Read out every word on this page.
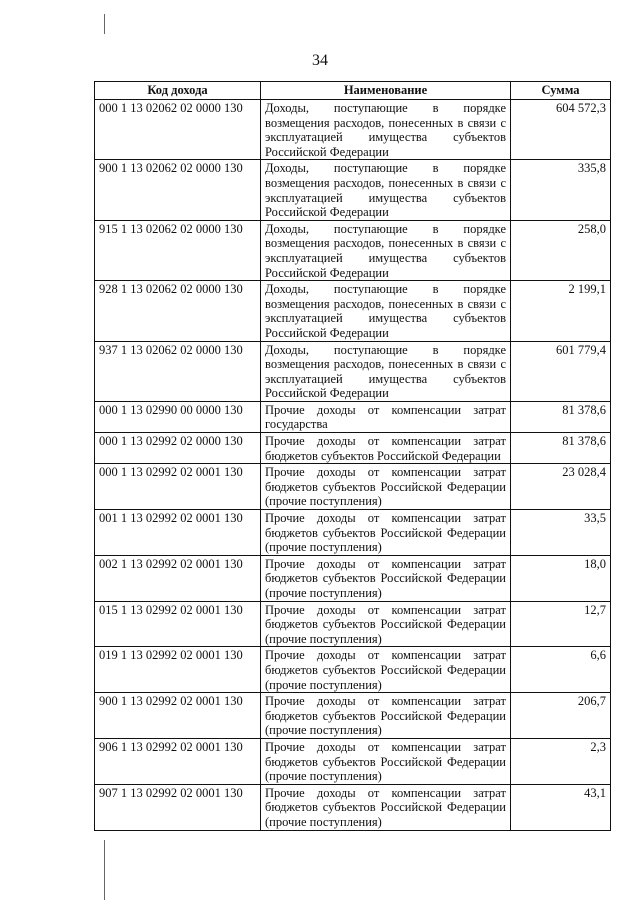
34
Код дохода	Наименование	Сумма
000 1 13 02062 02 0000 130	Доходы, поступающие в порядке возмещения расходов, понесенных в связи с эксплуатацией имущества субъектов Российской Федерации	604 572,3
900 1 13 02062 02 0000 130	Доходы, поступающие в порядке возмещения расходов, понесенных в связи с эксплуатацией имущества субъектов Российской Федерации	335,8
915 1 13 02062 02 0000 130	Доходы, поступающие в порядке возмещения расходов, понесенных в связи с эксплуатацией имущества субъектов Российской Федерации	258,0
928 1 13 02062 02 0000 130	Доходы, поступающие в порядке возмещения расходов, понесенных в связи с эксплуатацией имущества субъектов Российской Федерации	2 199,1
937 1 13 02062 02 0000 130	Доходы, поступающие в порядке возмещения расходов, понесенных в связи с эксплуатацией имущества субъектов Российской Федерации	601 779,4
000 1 13 02990 00 0000 130	Прочие доходы от компенсации затрат государства	81 378,6
000 1 13 02992 02 0000 130	Прочие доходы от компенсации затрат бюджетов субъектов Российской Федерации	81 378,6
000 1 13 02992 02 0001 130	Прочие доходы от компенсации затрат бюджетов субъектов Российской Федерации (прочие поступления)	23 028,4
001 1 13 02992 02 0001 130	Прочие доходы от компенсации затрат бюджетов субъектов Российской Федерации (прочие поступления)	33,5
002 1 13 02992 02 0001 130	Прочие доходы от компенсации затрат бюджетов субъектов Российской Федерации (прочие поступления)	18,0
015 1 13 02992 02 0001 130	Прочие доходы от компенсации затрат бюджетов субъектов Российской Федерации (прочие поступления)	12,7
019 1 13 02992 02 0001 130	Прочие доходы от компенсации затрат бюджетов субъектов Российской Федерации (прочие поступления)	6,6
900 1 13 02992 02 0001 130	Прочие доходы от компенсации затрат бюджетов субъектов Российской Федерации (прочие поступления)	206,7
906 1 13 02992 02 0001 130	Прочие доходы от компенсации затрат бюджетов субъектов Российской Федерации (прочие поступления)	2,3
907 1 13 02992 02 0001 130	Прочие доходы от компенсации затрат бюджетов субъектов Российской Федерации (прочие поступления)	43,1
